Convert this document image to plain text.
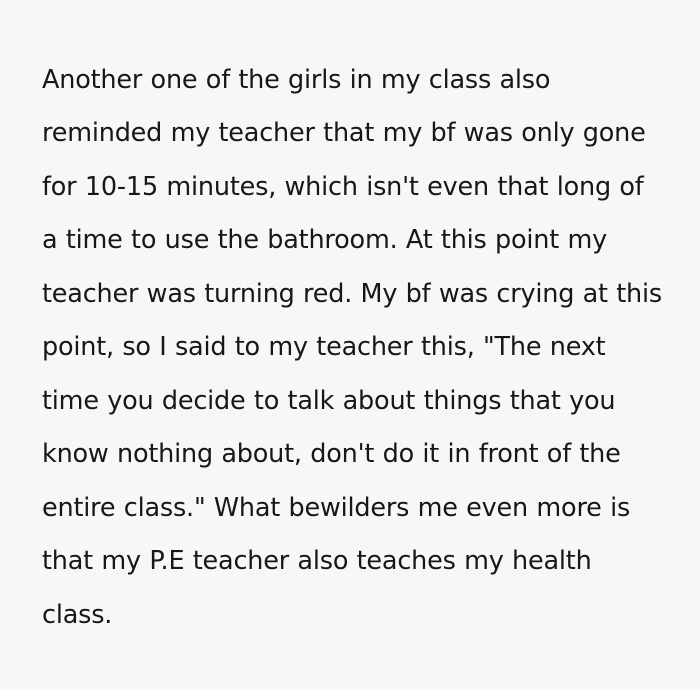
Another one of the girls in my class also reminded my teacher that my bf was only gone for 10-15 minutes, which isn't even that long of a time to use the bathroom. At this point my teacher was turning red. My bf was crying at this point, so I said to my teacher this, "The next time you decide to talk about things that you know nothing about, don't do it in front of the entire class." What bewilders me even more is that my P.E teacher also teaches my health class.
